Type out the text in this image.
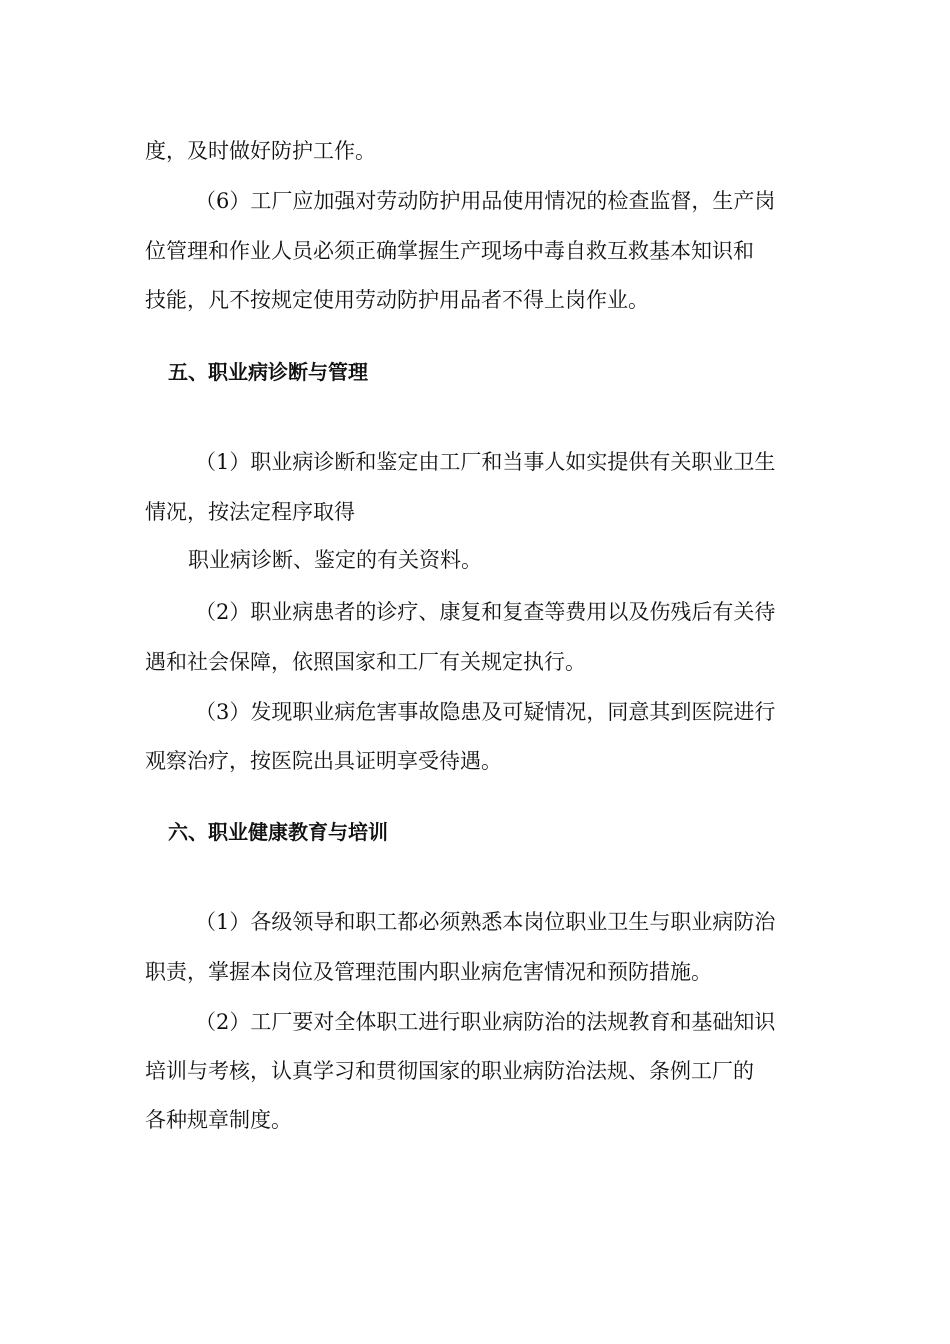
度，及时做好防护工作。
（6）工厂应加强对劳动防护用品使用情况的检查监督，生产岗
位管理和作业人员必须正确掌握生产现场中毒自救互救基本知识和
技能，凡不按规定使用劳动防护用品者不得上岗作业。
五、职业病诊断与管理
（1）职业病诊断和鉴定由工厂和当事人如实提供有关职业卫生
情况，按法定程序取得
职业病诊断、鉴定的有关资料。
（2）职业病患者的诊疗、康复和复查等费用以及伤残后有关待
遇和社会保障，依照国家和工厂有关规定执行。
（3）发现职业病危害事故隐患及可疑情况，同意其到医院进行
观察治疗，按医院出具证明享受待遇。
六、职业健康教育与培训
（1）各级领导和职工都必须熟悉本岗位职业卫生与职业病防治
职责，掌握本岗位及管理范围内职业病危害情况和预防措施。
（2）工厂要对全体职工进行职业病防治的法规教育和基础知识
培训与考核，认真学习和贯彻国家的职业病防治法规、条例工厂的
各种规章制度。
